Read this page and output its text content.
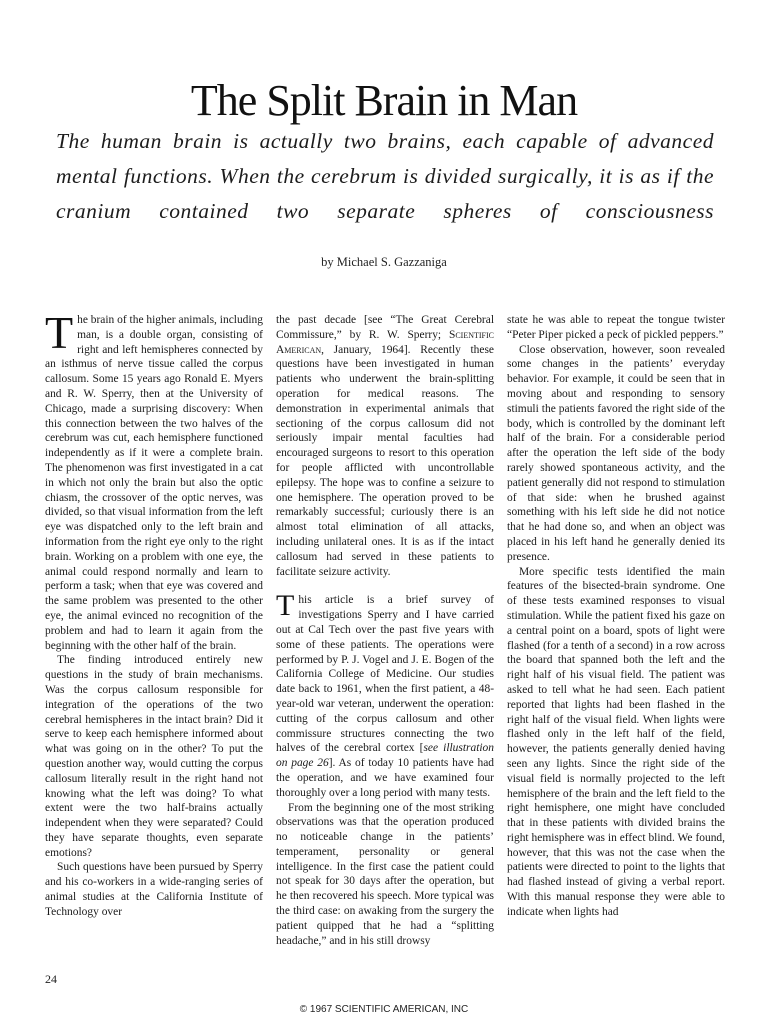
The Split Brain in Man
The human brain is actually two brains, each capable of advanced mental functions. When the cerebrum is divided surgically, it is as if the cranium contained two separate spheres of consciousness
by Michael S. Gazzaniga

The brain of the higher animals, including man, is a double organ, consisting of right and left hemispheres connected by an isthmus of nerve tissue called the corpus callosum. Some 15 years ago Ronald E. Myers and R. W. Sperry, then at the University of Chicago, made a surprising discovery: When this connection between the two halves of the cerebrum was cut, each hemisphere functioned independently as if it were a complete brain. The phenomenon was first investigated in a cat in which not only the brain but also the optic chiasm, the crossover of the optic nerves, was divided, so that visual information from the left eye was dispatched only to the left brain and information from the right eye only to the right brain. Working on a problem with one eye, the animal could respond normally and learn to perform a task; when that eye was covered and the same problem was presented to the other eye, the animal evinced no recognition of the problem and had to learn it again from the beginning with the other half of the brain.

The finding introduced entirely new questions in the study of brain mechanisms. Was the corpus callosum responsible for integration of the operations of the two cerebral hemispheres in the intact brain? Did it serve to keep each hemisphere informed about what was going on in the other? To put the question another way, would cutting the corpus callosum literally result in the right hand not knowing what the left was doing? To what extent were the two half-brains actually independent when they were separated? Could they have separate thoughts, even separate emotions?

Such questions have been pursued by Sperry and his co-workers in a wide-ranging series of animal studies at the California Institute of Technology over

the past decade [see “The Great Cerebral Commissure,” by R. W. Sperry; Scientific American, January, 1964]. Recently these questions have been investigated in human patients who underwent the brain-splitting operation for medical reasons. The demonstration in experimental animals that sectioning of the corpus callosum did not seriously impair mental faculties had encouraged surgeons to resort to this operation for people afflicted with uncontrollable epilepsy. The hope was to confine a seizure to one hemisphere. The operation proved to be remarkably successful; curiously there is an almost total elimination of all attacks, including unilateral ones. It is as if the intact callosum had served in these patients to facilitate seizure activity.

This article is a brief survey of investigations Sperry and I have carried out at Cal Tech over the past five years with some of these patients. The operations were performed by P. J. Vogel and J. E. Bogen of the California College of Medicine. Our studies date back to 1961, when the first patient, a 48-year-old war veteran, underwent the operation: cutting of the corpus callosum and other commissure structures connecting the two halves of the cerebral cortex [see illustration on page 26]. As of today 10 patients have had the operation, and we have examined four thoroughly over a long period with many tests.

From the beginning one of the most striking observations was that the operation produced no noticeable change in the patients’ temperament, personality or general intelligence. In the first case the patient could not speak for 30 days after the operation, but he then recovered his speech. More typical was the third case: on awaking from the surgery the patient quipped that he had a “splitting headache,” and in his still drowsy

state he was able to repeat the tongue twister “Peter Piper picked a peck of pickled peppers.”

Close observation, however, soon revealed some changes in the patients’ everyday behavior. For example, it could be seen that in moving about and responding to sensory stimuli the patients favored the right side of the body, which is controlled by the dominant left half of the brain. For a considerable period after the operation the left side of the body rarely showed spontaneous activity, and the patient generally did not respond to stimulation of that side: when he brushed against something with his left side he did not notice that he had done so, and when an object was placed in his left hand he generally denied its presence.

More specific tests identified the main features of the bisected-brain syndrome. One of these tests examined responses to visual stimulation. While the patient fixed his gaze on a central point on a board, spots of light were flashed (for a tenth of a second) in a row across the board that spanned both the left and the right half of his visual field. The patient was asked to tell what he had seen. Each patient reported that lights had been flashed in the right half of the visual field. When lights were flashed only in the left half of the field, however, the patients generally denied having seen any lights. Since the right side of the visual field is normally projected to the left hemisphere of the brain and the left field to the right hemisphere, one might have concluded that in these patients with divided brains the right hemisphere was in effect blind. We found, however, that this was not the case when the patients were directed to point to the lights that had flashed instead of giving a verbal report. With this manual response they were able to indicate when lights had

24
© 1967 SCIENTIFIC AMERICAN, INC
